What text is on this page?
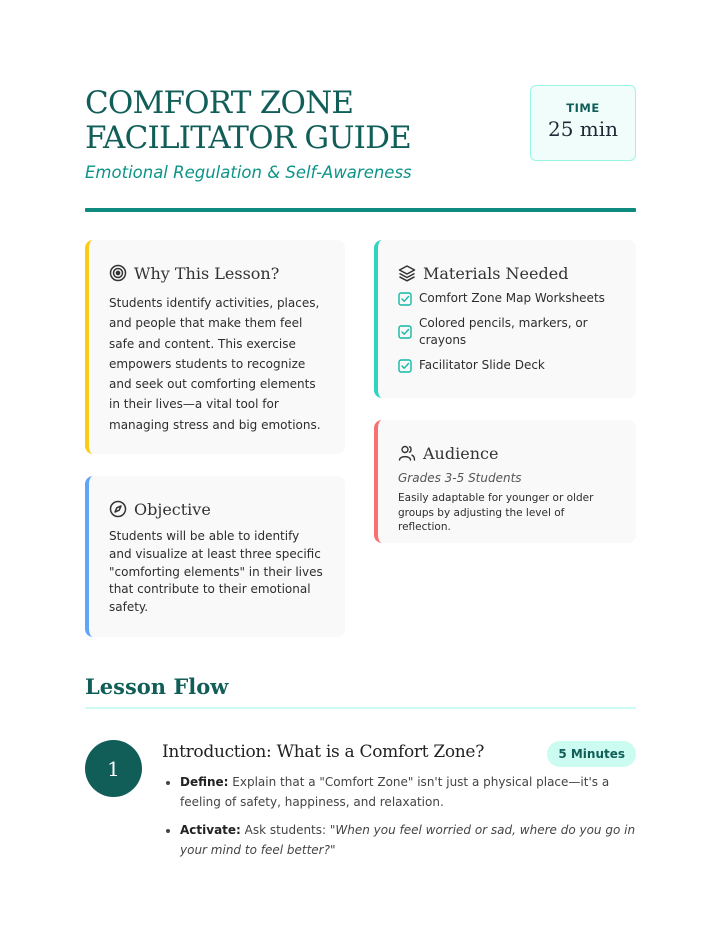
COMFORT ZONE FACILITATOR GUIDE
Emotional Regulation & Self-Awareness
TIME
25 min
Why This Lesson?

Students identify activities, places, and people that make them feel safe and content. This exercise empowers students to recognize and seek out comforting elements in their lives—a vital tool for managing stress and big emotions.

Objective

Students will be able to identify and visualize at least three specific "comforting elements" in their lives that contribute to their emotional safety.

Materials Needed
Comfort Zone Map Worksheets
Colored pencils, markers, or crayons
Facilitator Slide Deck
Audience
Grades 3-5 Students
Easily adaptable for younger or older groups by adjusting the level of reflection.
Lesson Flow
1
Introduction: What is a Comfort Zone?	5 Minutes
• Define: Explain that a "Comfort Zone" isn't just a physical place—it's a feeling of safety, happiness, and relaxation.
• Activate: Ask students: "When you feel worried or sad, where do you go in your mind to feel better?"
